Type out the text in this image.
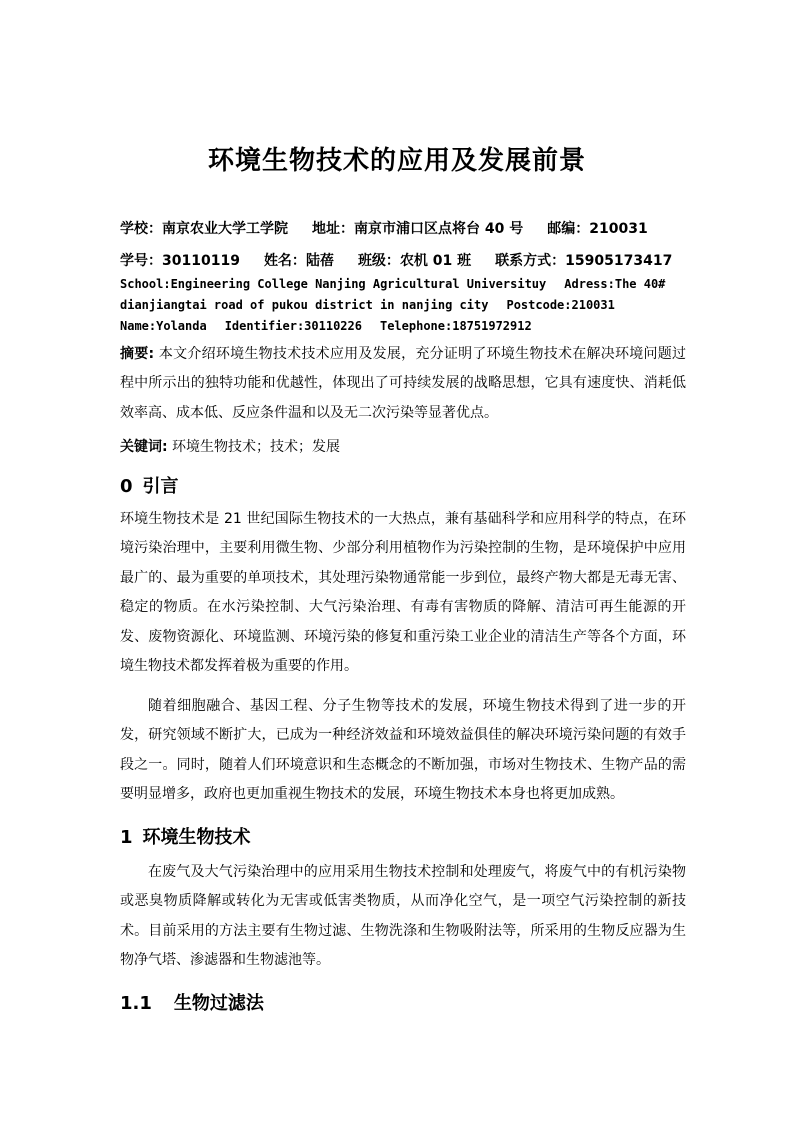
环境生物技术的应用及发展前景
学校：南京农业大学工学院 地址：南京市浦口区点将台 40 号 邮编：210031
学号：30110119 姓名：陆蓓 班级：农机 01 班 联系方式：15905173417
School:Engineering College Nanjing Agricultural Universituy Adress:The 40#
dianjiangtai road of pukou district in nanjing city Postcode:210031
Name:Yolanda Identifier:30110226 Telephone:18751972912
摘要: 本文介绍环境生物技术技术应用及发展，充分证明了环境生物技术在解决环境问题过程中所示出的独特功能和优越性，体现出了可持续发展的战略思想，它具有速度快、消耗低效率高、成本低、反应条件温和以及无二次污染等显著优点。
关键词: 环境生物技术；技术；发展
0 引言
环境生物技术是 21 世纪国际生物技术的一大热点，兼有基础科学和应用科学的特点，在环境污染治理中，主要利用微生物、少部分利用植物作为污染控制的生物，是环境保护中应用最广的、最为重要的单项技术，其处理污染物通常能一步到位，最终产物大都是无毒无害、稳定的物质。在水污染控制、大气污染治理、有毒有害物质的降解、清洁可再生能源的开发、废物资源化、环境监测、环境污染的修复和重污染工业企业的清洁生产等各个方面，环境生物技术都发挥着极为重要的作用。
随着细胞融合、基因工程、分子生物等技术的发展，环境生物技术得到了进一步的开发，研究领域不断扩大，已成为一种经济效益和环境效益俱佳的解决环境污染问题的有效手段之一。同时，随着人们环境意识和生态概念的不断加强，市场对生物技术、生物产品的需要明显增多，政府也更加重视生物技术的发展，环境生物技术本身也将更加成熟。
1 环境生物技术
在废气及大气污染治理中的应用采用生物技术控制和处理废气，将废气中的有机污染物或恶臭物质降解或转化为无害或低害类物质，从而净化空气，是一项空气污染控制的新技术。目前采用的方法主要有生物过滤、生物洗涤和生物吸附法等，所采用的生物反应器为生物净气塔、渗滤器和生物滤池等。
1.1 生物过滤法
